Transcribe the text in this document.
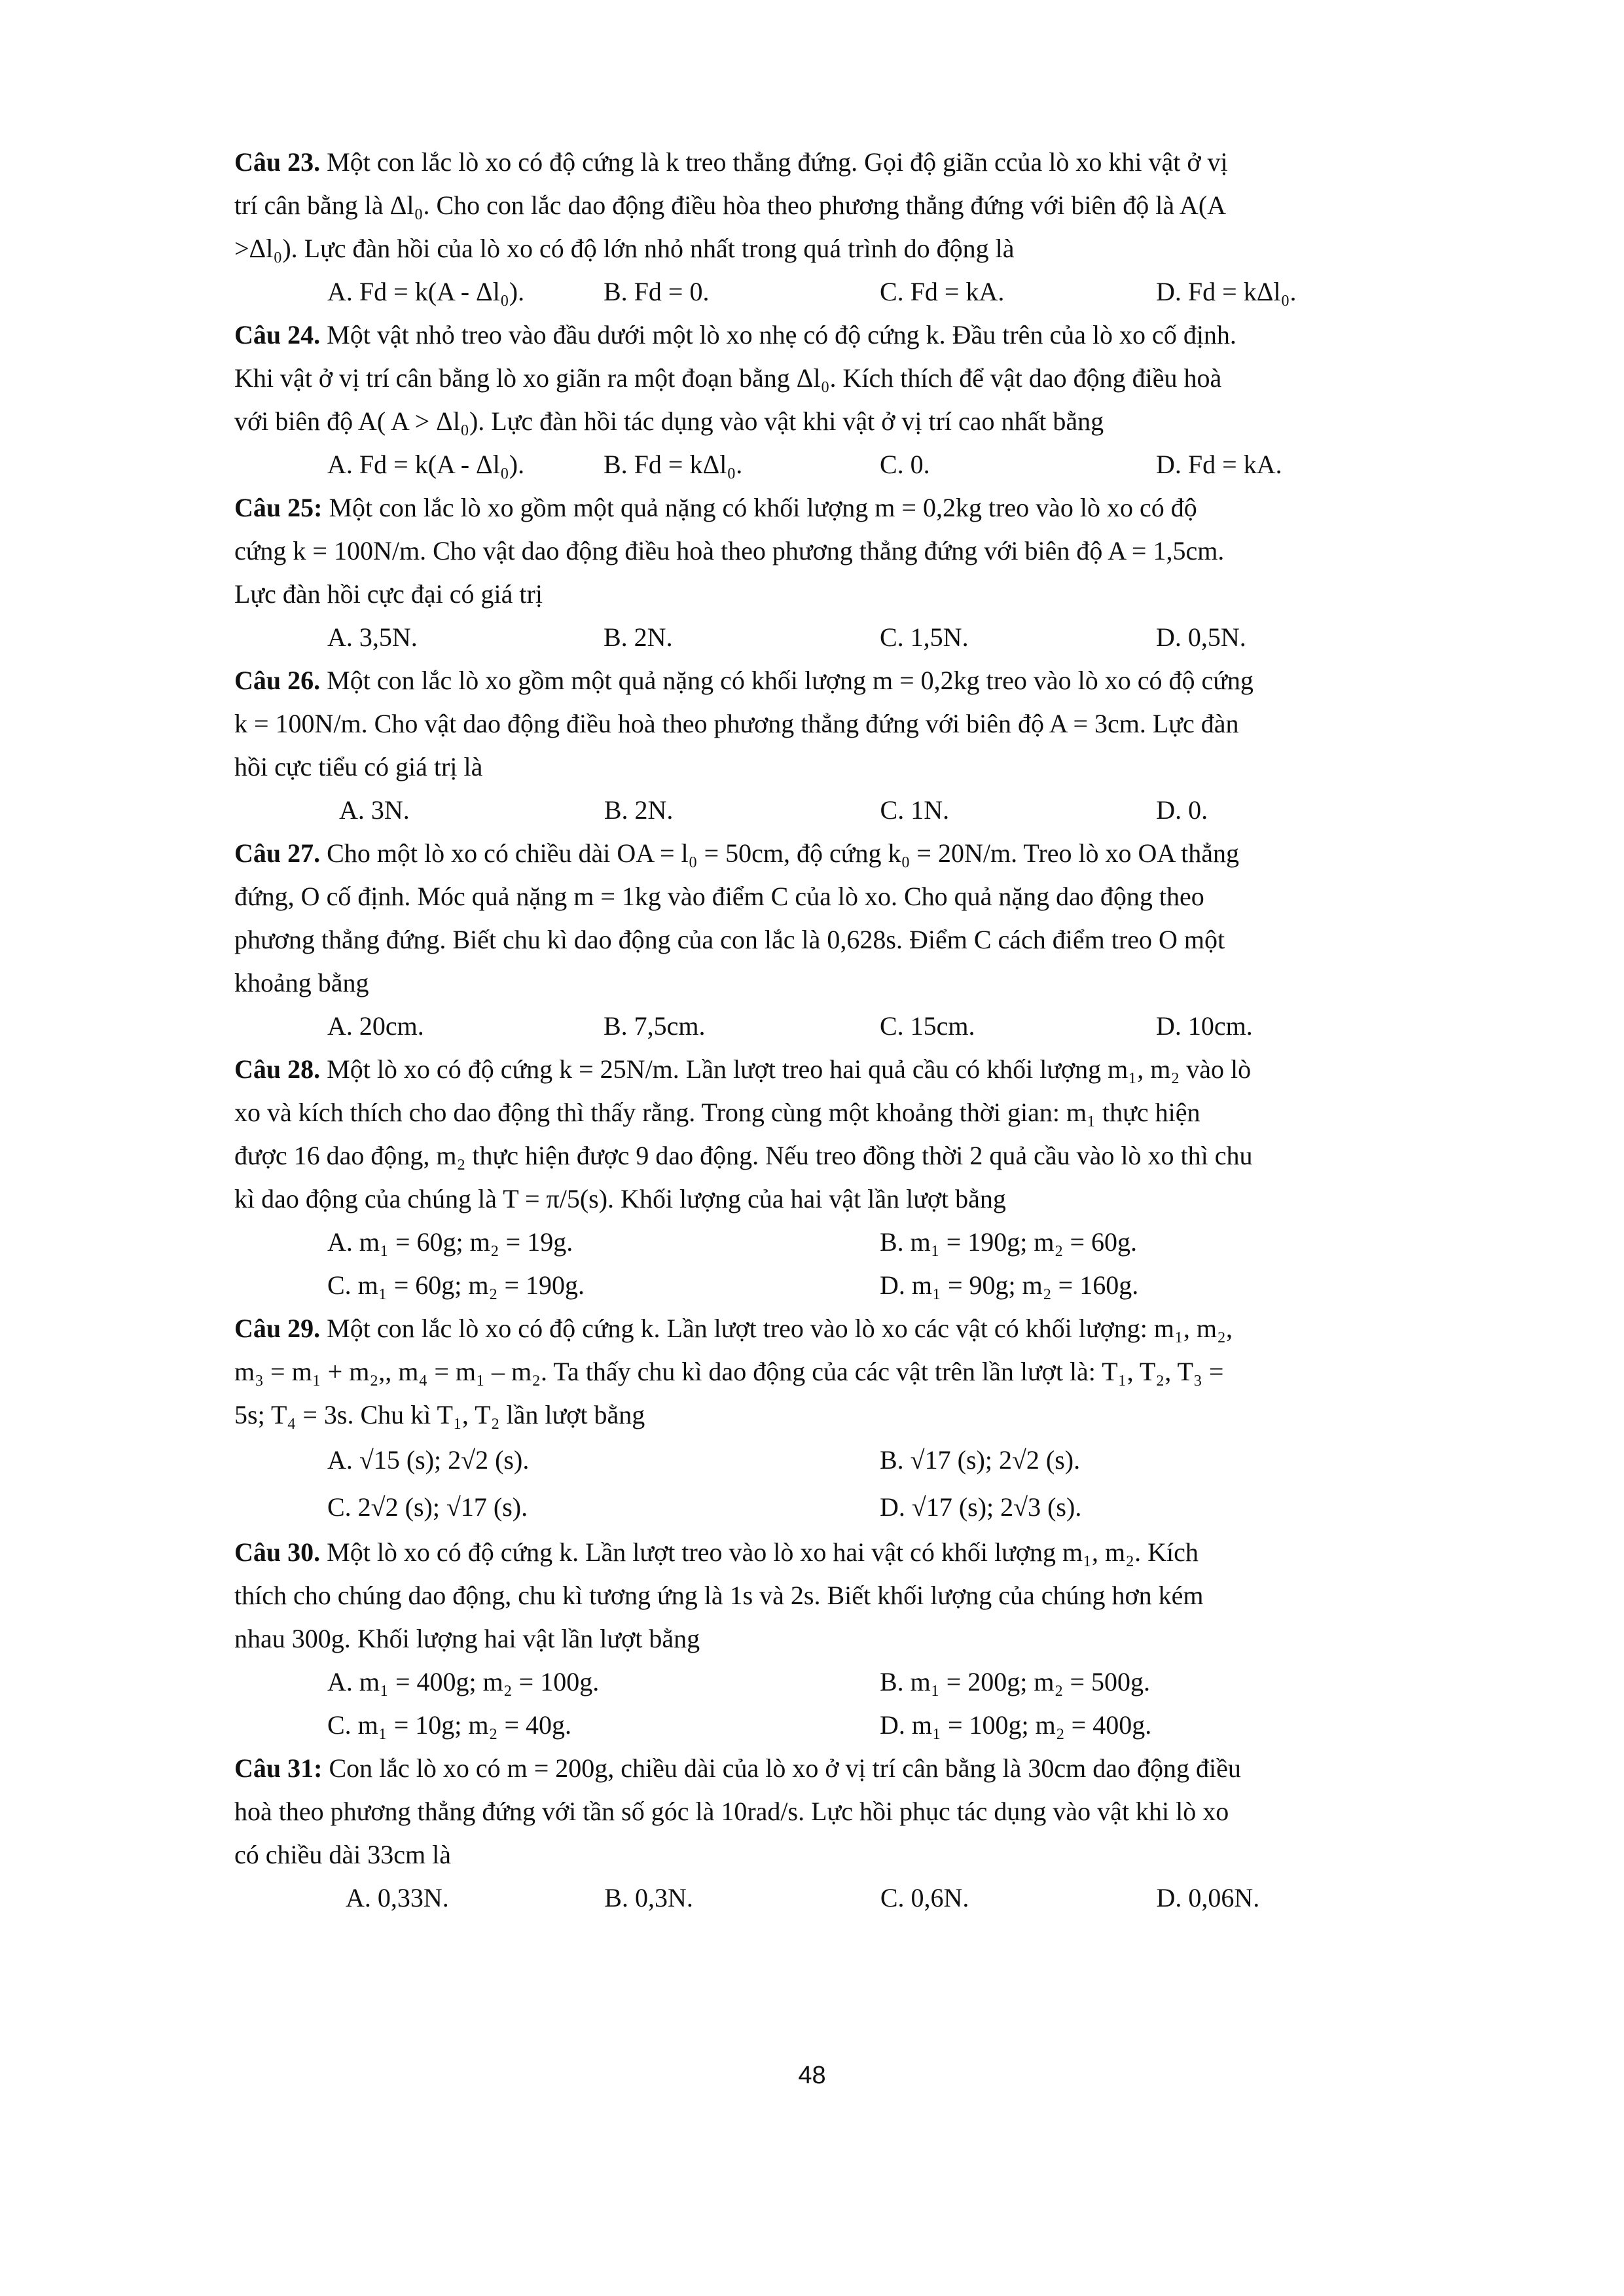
Câu 23. Một con lắc lò xo có độ cứng là k treo thẳng đứng. Gọi độ giãn ccủa lò xo khi vật ở vị

trí cân bằng là Δl₀. Cho con lắc dao động điều hòa theo phương thẳng đứng với biên độ là A(A

>Δl₀). Lực đàn hồi của lò xo có độ lớn nhỏ nhất trong quá trình do động là

A. Fd = k(A - Δl₀).	B. Fd = 0.	C. Fd = kA.	D. Fd = kΔl₀.

Câu 24. Một vật nhỏ treo vào đầu dưới một lò xo nhẹ có độ cứng k. Đầu trên của lò xo cố định.

Khi vật ở vị trí cân bằng lò xo giãn ra một đoạn bằng Δl₀. Kích thích để vật dao động điều hoà

với biên độ A( A > Δl₀). Lực đàn hồi tác dụng vào vật khi vật ở vị trí cao nhất bằng

A. Fd = k(A - Δl₀).	B. Fd = kΔl₀.	C. 0.	D. Fd = kA.

Câu 25: Một con lắc lò xo gồm một quả nặng có khối lượng m = 0,2kg treo vào lò xo có độ

cứng k = 100N/m. Cho vật dao động điều hoà theo phương thẳng đứng với biên độ A = 1,5cm.

Lực đàn hồi cực đại có giá trị

A. 3,5N.	B. 2N.	C. 1,5N.	D. 0,5N.

Câu 26. Một con lắc lò xo gồm một quả nặng có khối lượng m = 0,2kg treo vào lò xo có độ cứng

k = 100N/m. Cho vật dao động điều hoà theo phương thẳng đứng với biên độ A = 3cm. Lực đàn

hồi cực tiểu có giá trị là

A. 3N.	B. 2N.	C. 1N.	D. 0.

Câu 27. Cho một lò xo có chiều dài OA = l₀ = 50cm, độ cứng k₀ = 20N/m. Treo lò xo OA thẳng

đứng, O cố định. Móc quả nặng m = 1kg vào điểm C của lò xo. Cho quả nặng dao động theo

phương thẳng đứng. Biết chu kì dao động của con lắc là 0,628s. Điểm C cách điểm treo O một

khoảng bằng

A. 20cm.	B. 7,5cm.	C. 15cm.	D. 10cm.

Câu 28. Một lò xo có độ cứng k = 25N/m. Lần lượt treo hai quả cầu có khối lượng m₁, m₂ vào lò

xo và kích thích cho dao động thì thấy rằng. Trong cùng một khoảng thời gian: m₁ thực hiện

được 16 dao động, m₂ thực hiện được 9 dao động. Nếu treo đồng thời 2 quả cầu vào lò xo thì chu

kì dao động của chúng là T = π/5(s). Khối lượng của hai vật lần lượt bằng

A. m₁ = 60g; m₂ = 19g.	B. m₁ = 190g; m₂ = 60g.
C. m₁ = 60g; m₂ = 190g.	D. m₁ = 90g; m₂ = 160g.

Câu 29. Một con lắc lò xo có độ cứng k. Lần lượt treo vào lò xo các vật có khối lượng: m₁, m₂,

m₃ = m₁ + m₂,, m₄ = m₁ – m₂. Ta thấy chu kì dao động của các vật trên lần lượt là: T₁, T₂, T₃ =

5s; T₄ = 3s. Chu kì T₁, T₂ lần lượt bằng

A. √15 (s); 2√2 (s).	B. √17 (s); 2√2 (s).
C. 2√2 (s); √17 (s).	D. √17 (s); 2√3 (s).

Câu 30. Một lò xo có độ cứng k. Lần lượt treo vào lò xo hai vật có khối lượng m₁, m₂. Kích

thích cho chúng dao động, chu kì tương ứng là 1s và 2s. Biết khối lượng của chúng hơn kém

nhau 300g. Khối lượng hai vật lần lượt bằng

A. m₁ = 400g; m₂ = 100g.	B. m₁ = 200g; m₂ = 500g.
C. m₁ = 10g; m₂ = 40g.	D. m₁ = 100g; m₂ = 400g.

Câu 31: Con lắc lò xo có m = 200g, chiều dài của lò xo ở vị trí cân bằng là 30cm dao động điều

hoà theo phương thẳng đứng với tần số góc là 10rad/s. Lực hồi phục tác dụng vào vật khi lò xo

có chiều dài 33cm là

A. 0,33N.	B. 0,3N.	C. 0,6N.	D. 0,06N.
48
